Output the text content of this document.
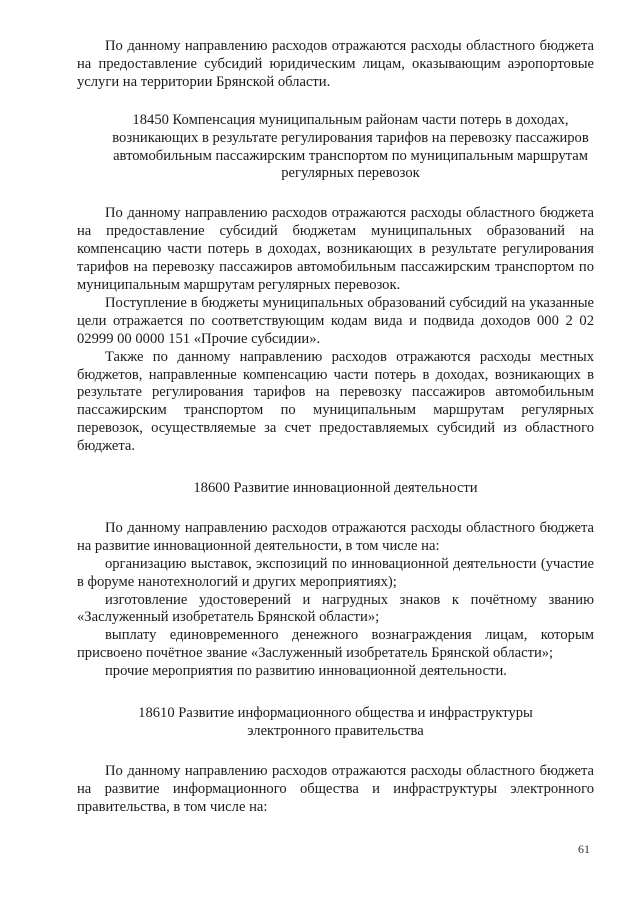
По данному направлению расходов отражаются расходы областного бюджета на предоставление субсидий юридическим лицам, оказывающим аэропортовые услуги на территории Брянской области.

18450 Компенсация муниципальным районам части потерь в доходах, возникающих в результате регулирования тарифов на перевозку пассажиров автомобильным пассажирским транспортом по муниципальным маршрутам регулярных перевозок

По данному направлению расходов отражаются расходы областного бюджета на предоставление субсидий бюджетам муниципальных образований на компенсацию части потерь в доходах, возникающих в результате регулирования тарифов на перевозку пассажиров автомобильным пассажирским транспортом по муниципальным маршрутам регулярных перевозок.

Поступление в бюджеты муниципальных образований субсидий на указанные цели отражается по соответствующим кодам вида и подвида доходов 000 2 02 02999 00 0000 151 «Прочие субсидии».

Также по данному направлению расходов отражаются расходы местных бюджетов, направленные компенсацию части потерь в доходах, возникающих в результате регулирования тарифов на перевозку пассажиров автомобильным пассажирским транспортом по муниципальным маршрутам регулярных перевозок, осуществляемые за счет предоставляемых субсидий из областного бюджета.

18600 Развитие инновационной деятельности

По данному направлению расходов отражаются расходы областного бюджета на развитие инновационной деятельности, в том числе на:

организацию выставок, экспозиций по инновационной деятельности (участие в форуме нанотехнологий и других мероприятиях);

изготовление удостоверений и нагрудных знаков к почётному званию «Заслуженный изобретатель Брянской области»;

выплату единовременного денежного вознаграждения лицам, которым присвоено почётное звание «Заслуженный изобретатель Брянской области»;

прочие мероприятия по развитию инновационной деятельности.

18610 Развитие информационного общества и инфраструктуры
электронного правительства

По данному направлению расходов отражаются расходы областного бюджета на развитие информационного общества и инфраструктуры электронного правительства, в том числе на:

61
